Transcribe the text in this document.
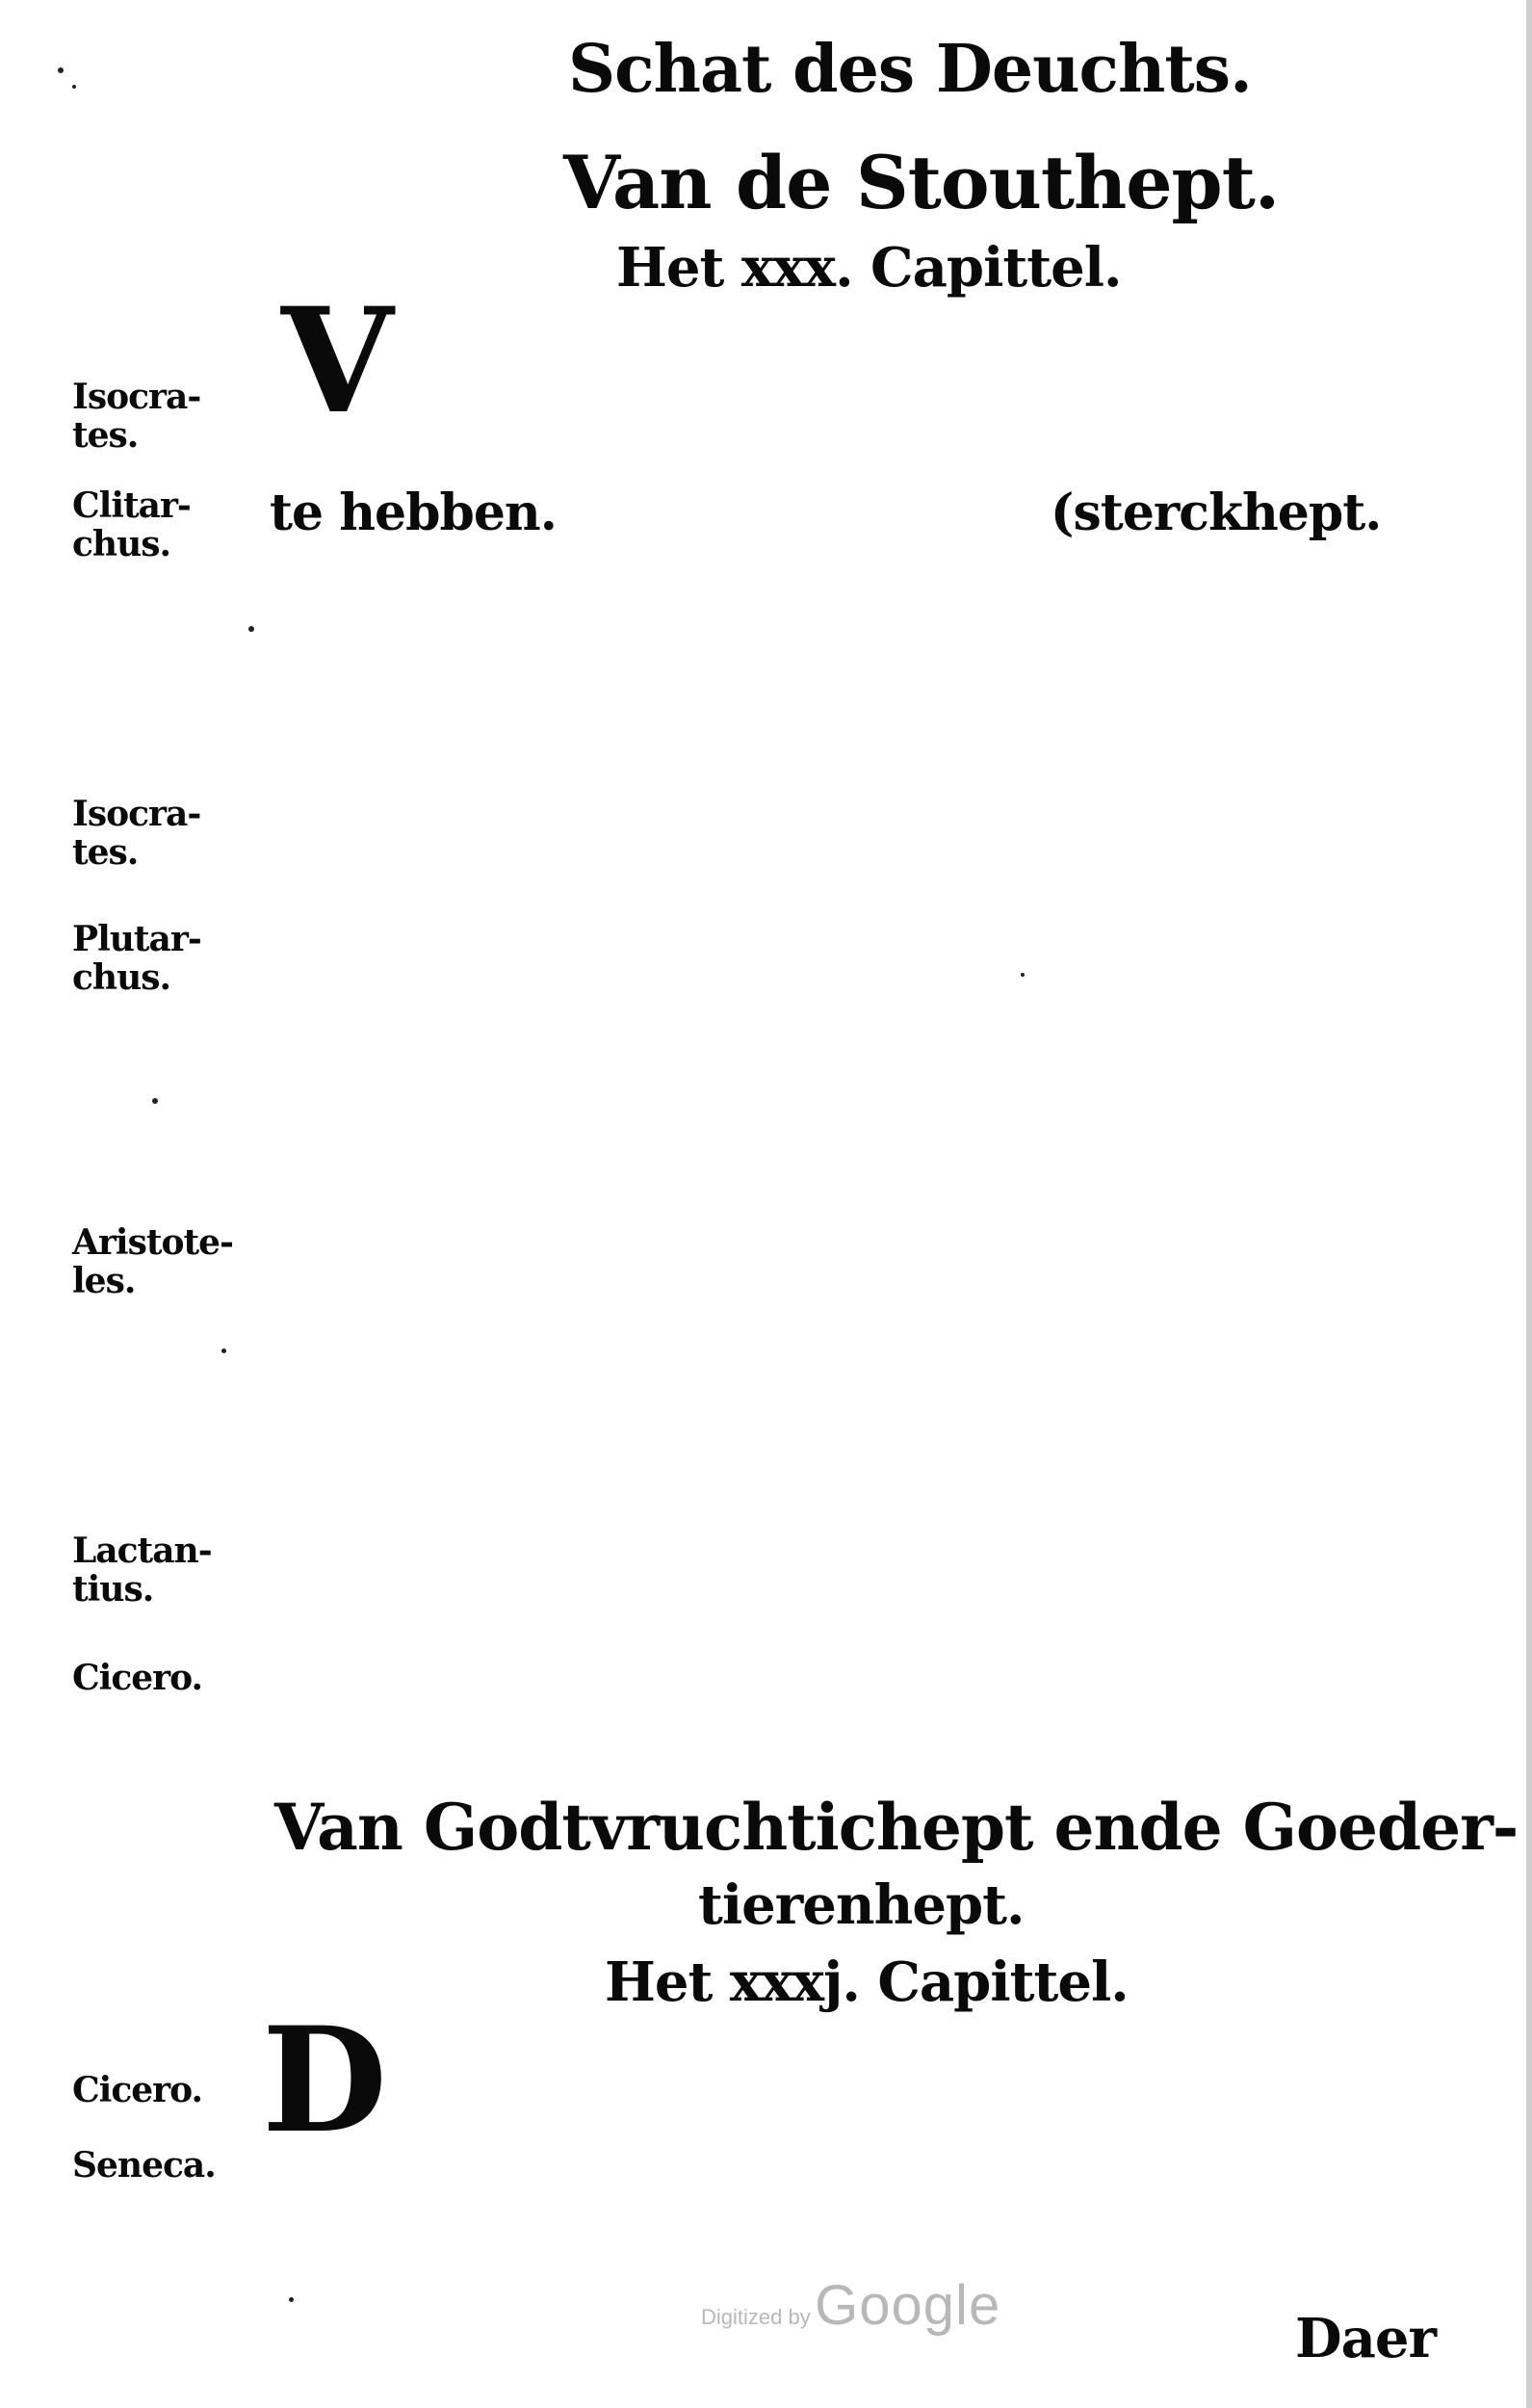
Schat des Deuchts.
Van de Stouthept.
Het xxx. Capittel.
V

te hebben.                              (sterckhept.

Isocra-
tes.
Clitar-
chus.
Isocra-
tes.
Plutar-
chus.
Aristote-
les.
Lactan-
tius.
Cicero.
Van Godtvruchtichept ende Goeder-
tierenhept.
Het xxxj. Capittel.
D
Cicero.
Seneca.
Daer
Digitized by Google
